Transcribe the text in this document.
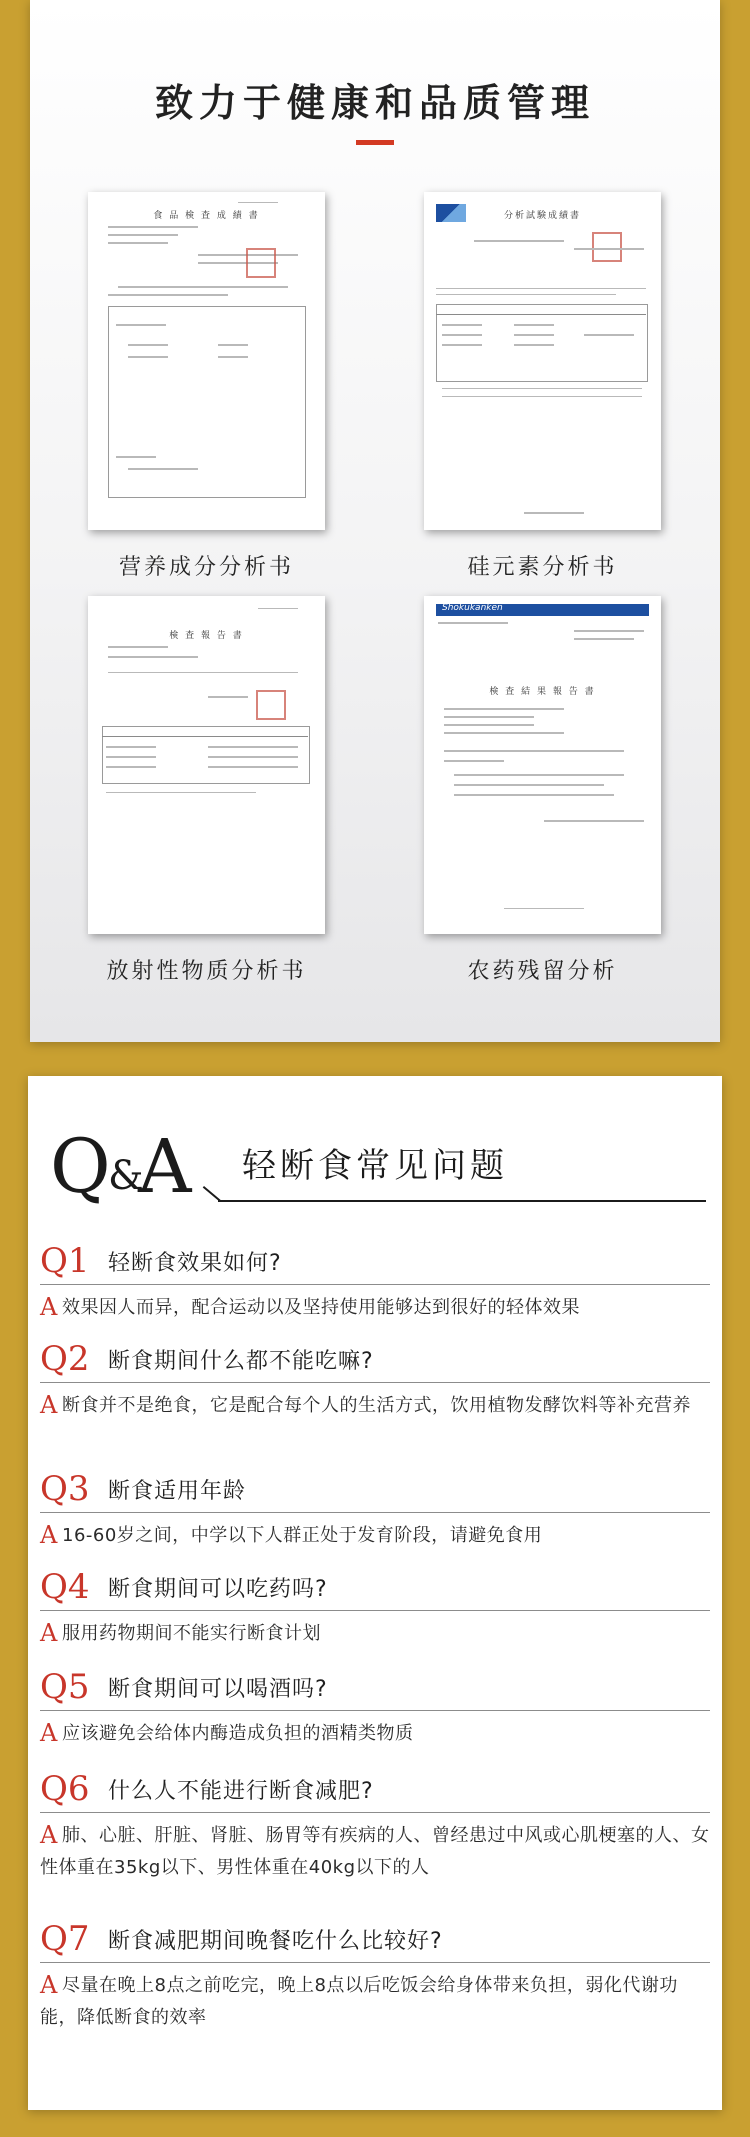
致力于健康和品质管理
食 品 検 査 成 績 書
营养成分分析书
分析試験成績書
硅元素分析书
検 査 報 告 書
放射性物质分析书
Shokukanken
検 査 結 果 報 告 書
农药残留分析
Q
&
A 轻断食常见问题
Q1 轻断食效果如何?
A 效果因人而异，配合运动以及坚持使用能够达到很好的轻体效果

Q2 断食期间什么都不能吃嘛?
A 断食并不是绝食，它是配合每个人的生活方式，饮用植物发酵饮料等补充营养

Q3 断食适用年龄
A 16-60岁之间，中学以下人群正处于发育阶段，请避免食用

Q4 断食期间可以吃药吗?
A 服用药物期间不能实行断食计划

Q5 断食期间可以喝酒吗?
A 应该避免会给体内酶造成负担的酒精类物质

Q6 什么人不能进行断食减肥?
A 肺、心脏、肝脏、肾脏、肠胃等有疾病的人、曾经患过中风或心肌梗塞的人、女性体重在35kg以下、男性体重在40kg以下的人

Q7 断食减肥期间晚餐吃什么比较好?
A 尽量在晚上8点之前吃完，晚上8点以后吃饭会给身体带来负担，弱化代谢功能，降低断食的效率
